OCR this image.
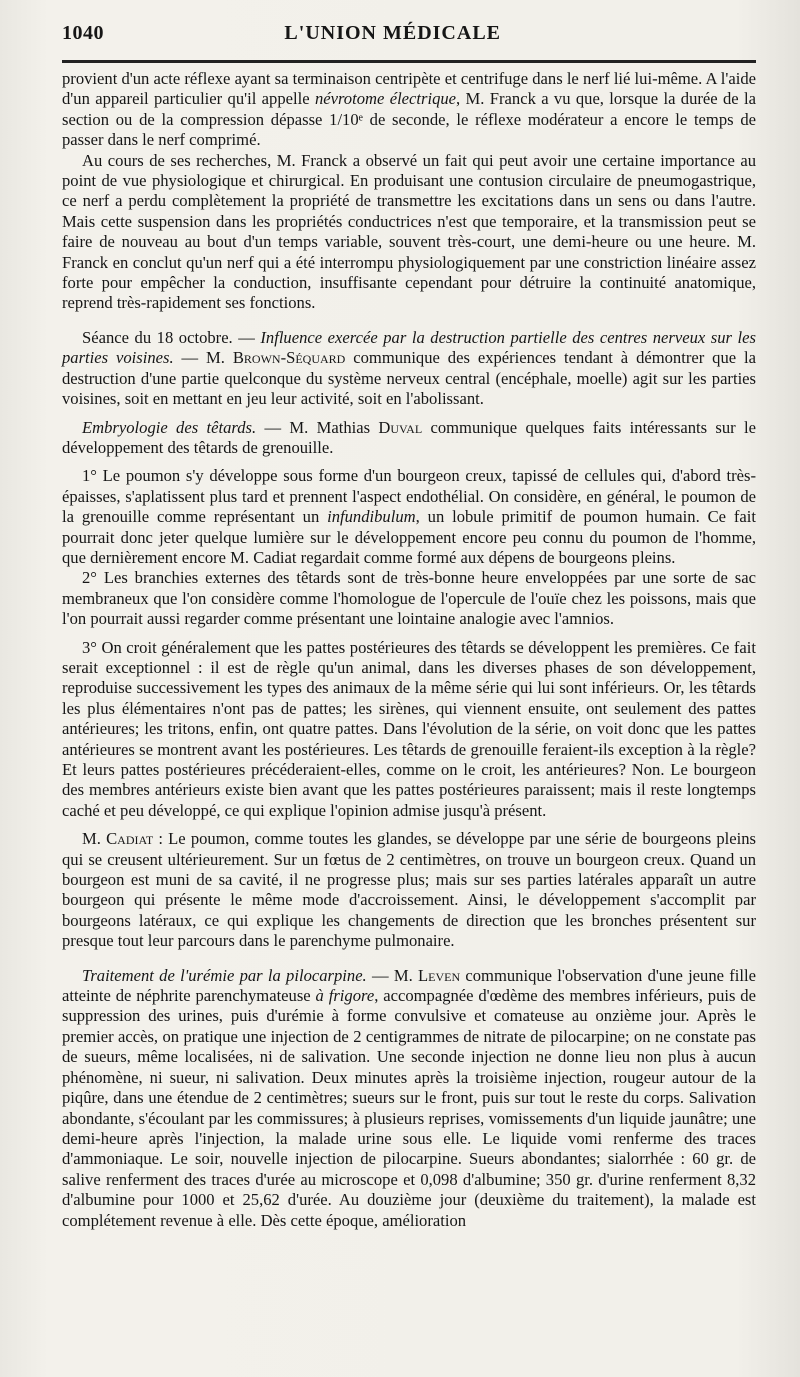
1040	L'UNION MÉDICALE

provient d'un acte réflexe ayant sa terminaison centripète et centrifuge dans le nerf lié lui-même. A l'aide d'un appareil particulier qu'il appelle névrotome électrique, M. Franck a vu que, lorsque la durée de la section ou de la compression dépasse 1/10ᵉ de seconde, le réflexe modérateur a encore le temps de passer dans le nerf comprimé.

Au cours de ses recherches, M. Franck a observé un fait qui peut avoir une certaine importance au point de vue physiologique et chirurgical. En produisant une contusion circulaire de pneumogastrique, ce nerf a perdu complètement la propriété de transmettre les excitations dans un sens ou dans l'autre. Mais cette suspension dans les propriétés conductrices n'est que temporaire, et la transmission peut se faire de nouveau au bout d'un temps variable, souvent très-court, une demi-heure ou une heure. M. Franck en conclut qu'un nerf qui a été interrompu physiologiquement par une constriction linéaire assez forte pour empêcher la conduction, insuffisante cependant pour détruire la continuité anatomique, reprend très-rapidement ses fonctions.

Séance du 18 octobre. — Influence exercée par la destruction partielle des centres nerveux sur les parties voisines. — M. Brown-Séquard communique des expériences tendant à démontrer que la destruction d'une partie quelconque du système nerveux central (encéphale, moelle) agit sur les parties voisines, soit en mettant en jeu leur activité, soit en l'abolissant.

Embryologie des têtards. — M. Mathias Duval communique quelques faits intéressants sur le développement des têtards de grenouille.

1° Le poumon s'y développe sous forme d'un bourgeon creux, tapissé de cellules qui, d'abord très-épaisses, s'aplatissent plus tard et prennent l'aspect endothélial. On considère, en général, le poumon de la grenouille comme représentant un infundibulum, un lobule primitif de poumon humain. Ce fait pourrait donc jeter quelque lumière sur le développement encore peu connu du poumon de l'homme, que dernièrement encore M. Cadiat regardait comme formé aux dépens de bourgeons pleins.

2° Les branchies externes des têtards sont de très-bonne heure enveloppées par une sorte de sac membraneux que l'on considère comme l'homologue de l'opercule de l'ouïe chez les poissons, mais que l'on pourrait aussi regarder comme présentant une lointaine analogie avec l'amnios.

3° On croit généralement que les pattes postérieures des têtards se développent les premières. Ce fait serait exceptionnel : il est de règle qu'un animal, dans les diverses phases de son développement, reproduise successivement les types des animaux de la même série qui lui sont inférieurs. Or, les têtards les plus élémentaires n'ont pas de pattes; les sirènes, qui viennent ensuite, ont seulement des pattes antérieures; les tritons, enfin, ont quatre pattes. Dans l'évolution de la série, on voit donc que les pattes antérieures se montrent avant les postérieures. Les têtards de grenouille feraient-ils exception à la règle? Et leurs pattes postérieures précéderaient-elles, comme on le croit, les antérieures? Non. Le bourgeon des membres antérieurs existe bien avant que les pattes postérieures paraissent; mais il reste longtemps caché et peu développé, ce qui explique l'opinion admise jusqu'à présent.

M. Cadiat : Le poumon, comme toutes les glandes, se développe par une série de bourgeons pleins qui se creusent ultérieurement. Sur un fœtus de 2 centimètres, on trouve un bourgeon creux. Quand un bourgeon est muni de sa cavité, il ne progresse plus; mais sur ses parties latérales apparaît un autre bourgeon qui présente le même mode d'accroissement. Ainsi, le développement s'accomplit par bourgeons latéraux, ce qui explique les changements de direction que les bronches présentent sur presque tout leur parcours dans le parenchyme pulmonaire.

Traitement de l'urémie par la pilocarpine. — M. Leven communique l'observation d'une jeune fille atteinte de néphrite parenchymateuse à frigore, accompagnée d'œdème des membres inférieurs, puis de suppression des urines, puis d'urémie à forme convulsive et comateuse au onzième jour. Après le premier accès, on pratique une injection de 2 centigrammes de nitrate de pilocarpine; on ne constate pas de sueurs, même localisées, ni de salivation. Une seconde injection ne donne lieu non plus à aucun phénomène, ni sueur, ni salivation. Deux minutes après la troisième injection, rougeur autour de la piqûre, dans une étendue de 2 centimètres; sueurs sur le front, puis sur tout le reste du corps. Salivation abondante, s'écoulant par les commissures; à plusieurs reprises, vomissements d'un liquide jaunâtre; une demi-heure après l'injection, la malade urine sous elle. Le liquide vomi renferme des traces d'ammoniaque. Le soir, nouvelle injection de pilocarpine. Sueurs abondantes; sialorrhée : 60 gr. de salive renferment des traces d'urée au microscope et 0,098 d'albumine; 350 gr. d'urine renferment 8,32 d'albumine pour 1000 et 25,62 d'urée. Au douzième jour (deuxième du traitement), la malade est complétement revenue à elle. Dès cette époque, amélioration
